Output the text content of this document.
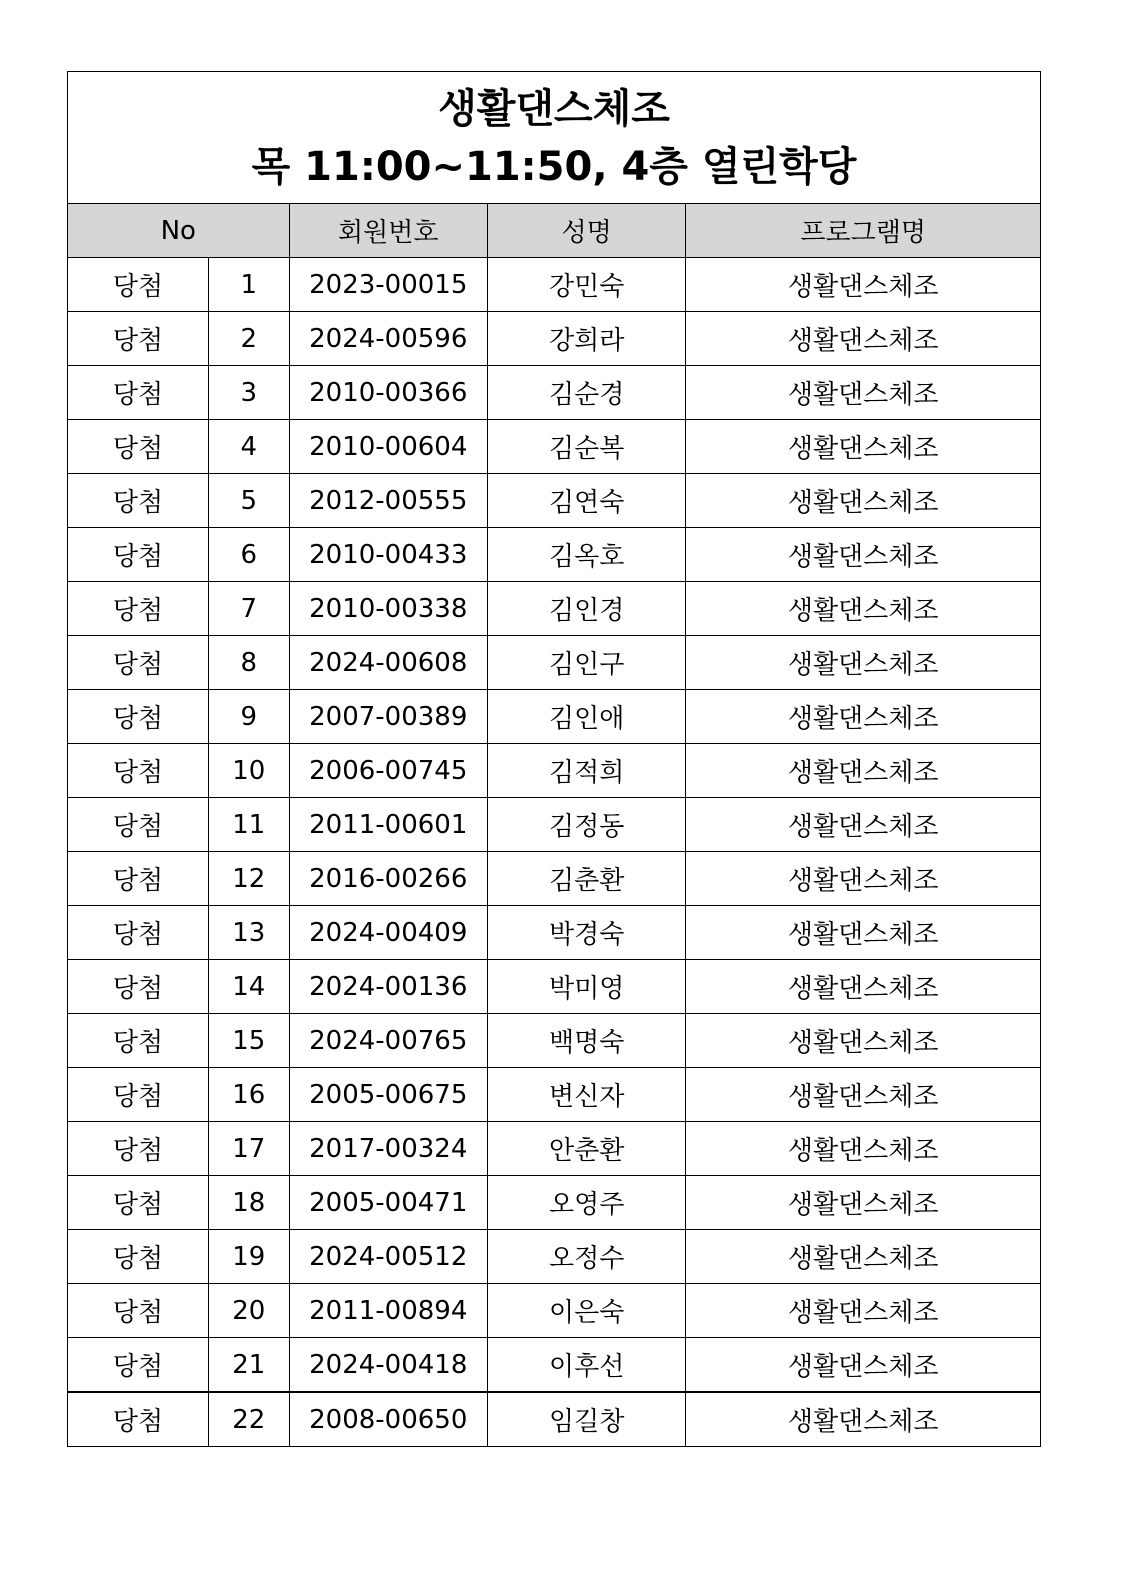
생활댄스체조
목 11:00~11:50, 4층 열린학당				

No		회원번호	성명	프로그램명
당첨	1	2023-00015	강민숙	생활댄스체조
당첨	2	2024-00596	강희라	생활댄스체조
당첨	3	2010-00366	김순경	생활댄스체조
당첨	4	2010-00604	김순복	생활댄스체조
당첨	5	2012-00555	김연숙	생활댄스체조
당첨	6	2010-00433	김옥호	생활댄스체조
당첨	7	2010-00338	김인경	생활댄스체조
당첨	8	2024-00608	김인구	생활댄스체조
당첨	9	2007-00389	김인애	생활댄스체조
당첨	10	2006-00745	김적희	생활댄스체조
당첨	11	2011-00601	김정동	생활댄스체조
당첨	12	2016-00266	김춘환	생활댄스체조
당첨	13	2024-00409	박경숙	생활댄스체조
당첨	14	2024-00136	박미영	생활댄스체조
당첨	15	2024-00765	백명숙	생활댄스체조
당첨	16	2005-00675	변신자	생활댄스체조
당첨	17	2017-00324	안춘환	생활댄스체조
당첨	18	2005-00471	오영주	생활댄스체조
당첨	19	2024-00512	오정수	생활댄스체조
당첨	20	2011-00894	이은숙	생활댄스체조
당첨	21	2024-00418	이후선	생활댄스체조
당첨	22	2008-00650	임길창	생활댄스체조
